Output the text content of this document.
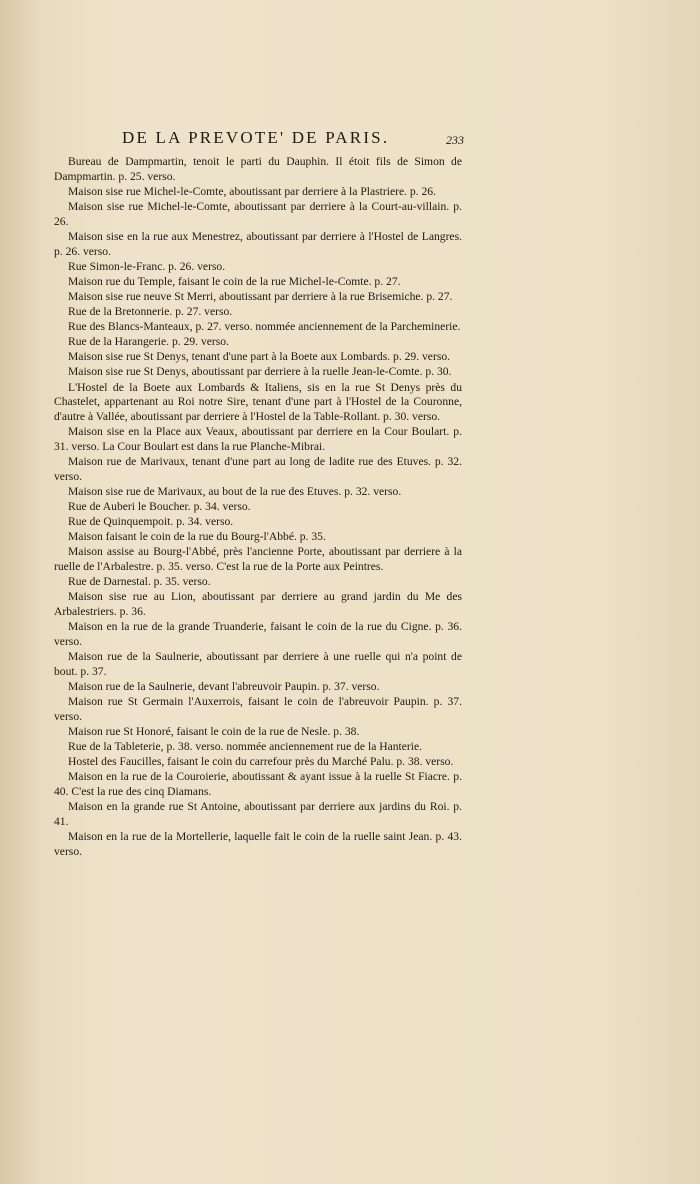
DE LA PREVOTE' DE PARIS.	233

Bureau de Dampmartin, tenoit le parti du Dauphin. Il étoit fils de Simon de Dampmartin. p. 25. verso.

Maison sise rue Michel-le-Comte, aboutissant par derriere à la Plastriere. p. 26.

Maison sise rue Michel-le-Comte, aboutissant par derriere à la Court-au-villain. p. 26.

Maison sise en la rue aux Menestrez, aboutissant par derriere à l'Hostel de Langres. p. 26. verso.

Rue Simon-le-Franc. p. 26. verso.

Maison rue du Temple, faisant le coin de la rue Michel-le-Comte. p. 27.

Maison sise rue neuve St Merri, aboutissant par derriere à la rue Brisemiche. p. 27.

Rue de la Bretonnerie. p. 27. verso.

Rue des Blancs-Manteaux, p. 27. verso. nommée anciennement de la Parcheminerie.

Rue de la Harangerie. p. 29. verso.

Maison sise rue St Denys, tenant d'une part à la Boete aux Lombards. p. 29. verso.

Maison sise rue St Denys, aboutissant par derriere à la ruelle Jean-le-Comte. p. 30.

L'Hostel de la Boete aux Lombards & Italiens, sis en la rue St Denys près du Chastelet, appartenant au Roi notre Sire, tenant d'une part à l'Hostel de la Couronne, d'autre à Vallée, aboutissant par derriere à l'Hostel de la Table-Rollant. p. 30. verso.

Maison sise en la Place aux Veaux, aboutissant par derriere en la Cour Boulart. p. 31. verso. La Cour Boulart est dans la rue Planche-Mibrai.

Maison rue de Marivaux, tenant d'une part au long de ladite rue des Etuves. p. 32. verso.

Maison sise rue de Marivaux, au bout de la rue des Etuves. p. 32. verso.

Rue de Auberi le Boucher. p. 34. verso.

Rue de Quinquempoit. p. 34. verso.

Maison faisant le coin de la rue du Bourg-l'Abbé. p. 35.

Maison assise au Bourg-l'Abbé, près l'ancienne Porte, aboutissant par derriere à la ruelle de l'Arbalestre. p. 35. verso. C'est la rue de la Porte aux Peintres.

Rue de Darnestal. p. 35. verso.

Maison sise rue au Lion, aboutissant par derriere au grand jardin du Me des Arbalestriers. p. 36.

Maison en la rue de la grande Truanderie, faisant le coin de la rue du Cigne. p. 36. verso.

Maison rue de la Saulnerie, aboutissant par derriere à une ruelle qui n'a point de bout. p. 37.

Maison rue de la Saulnerie, devant l'abreuvoir Paupin. p. 37. verso.

Maison rue St Germain l'Auxerrois, faisant le coin de l'abreuvoir Paupin. p. 37. verso.

Maison rue St Honoré, faisant le coin de la rue de Nesle. p. 38.

Rue de la Tableterie, p. 38. verso. nommée anciennement rue de la Hanterie.

Hostel des Faucilles, faisant le coin du carrefour près du Marché Palu. p. 38. verso.

Maison en la rue de la Couroierie, aboutissant & ayant issue à la ruelle St Fiacre. p. 40. C'est la rue des cinq Diamans.

Maison en la grande rue St Antoine, aboutissant par derriere aux jardins du Roi. p. 41.

Maison en la rue de la Mortellerie, laquelle fait le coin de la ruelle saint Jean. p. 43. verso.
